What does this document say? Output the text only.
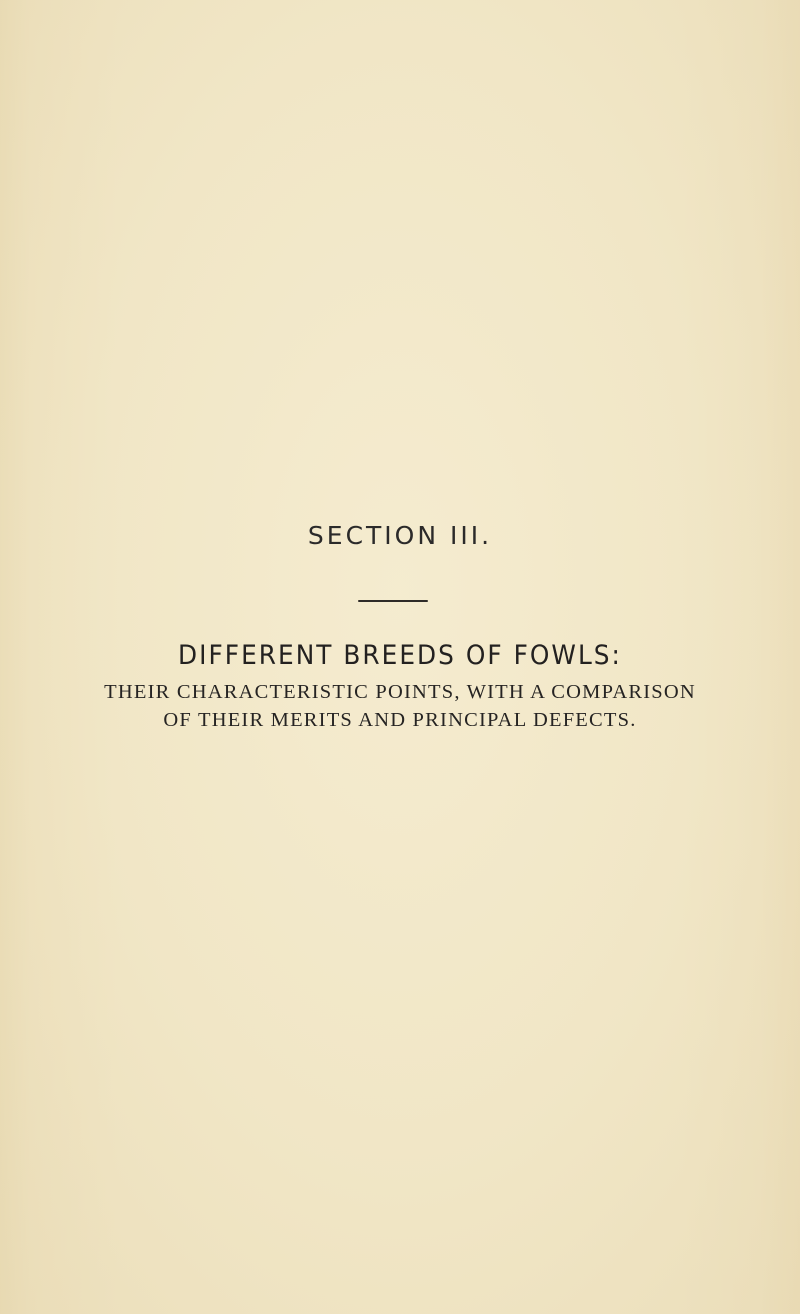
SECTION III.
DIFFERENT BREEDS OF FOWLS:
THEIR CHARACTERISTIC POINTS, WITH A COMPARISON
OF THEIR MERITS AND PRINCIPAL DEFECTS.
